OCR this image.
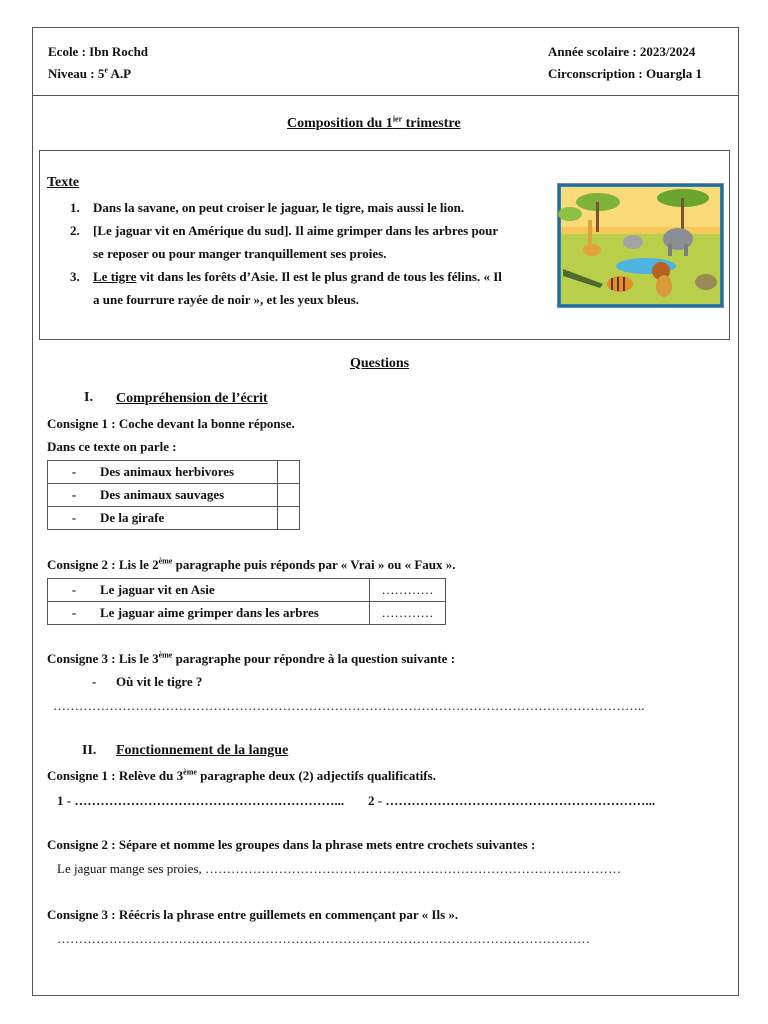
Ecole : Ibn Rochd
Niveau : 5e A.P
Année scolaire : 2023/2024
Circonscription : Ouargla 1
Composition du $1^{ier}$ trimestre
Texte
1. Dans la savane, on peut croiser le jaguar, le tigre, mais aussi le lion.
2. [Le jaguar vit en Amérique du sud]. Il aime grimper dans les arbres pour
se reposer ou pour manger tranquillement ses proies.
3. Le tigre vit dans les forêts d’Asie. Il est le plus grand de tous les félins. « Il
a une fourrure rayée de noir », et les yeux bleus.
Questions
I. Compréhension de l’écrit
Consigne 1 : Coche devant la bonne réponse.
Dans ce texte on parle :
- Des animaux herbivores	
- Des animaux sauvages	
- De la girafe	
Consigne 2 : Lis le 2ème paragraphe puis réponds par « Vrai » ou « Faux ».
- Le jaguar vit en Asie	…………
- Le jaguar aime grimper dans les arbres	…………
Consigne 3 : Lis le 3ème paragraphe pour répondre à la question suivante :
- Où vit le tigre ?
………………………………………………………………………………………………………………………..
II. Fonctionnement de la langue
Consigne 1 : Relève du 3ème paragraphe deux (2) adjectifs qualificatifs.
1 - ……………………………………………………...	2 - ……………………………………………………...
Consigne 2 : Sépare et nomme les groupes dans la phrase mets entre crochets suivantes :
Le jaguar mange ses proies, ……………………………………………………………………………………
Consigne 3 : Réécris la phrase entre guillemets en commençant par « Ils ».
……………………………………………………………………………………………………………
